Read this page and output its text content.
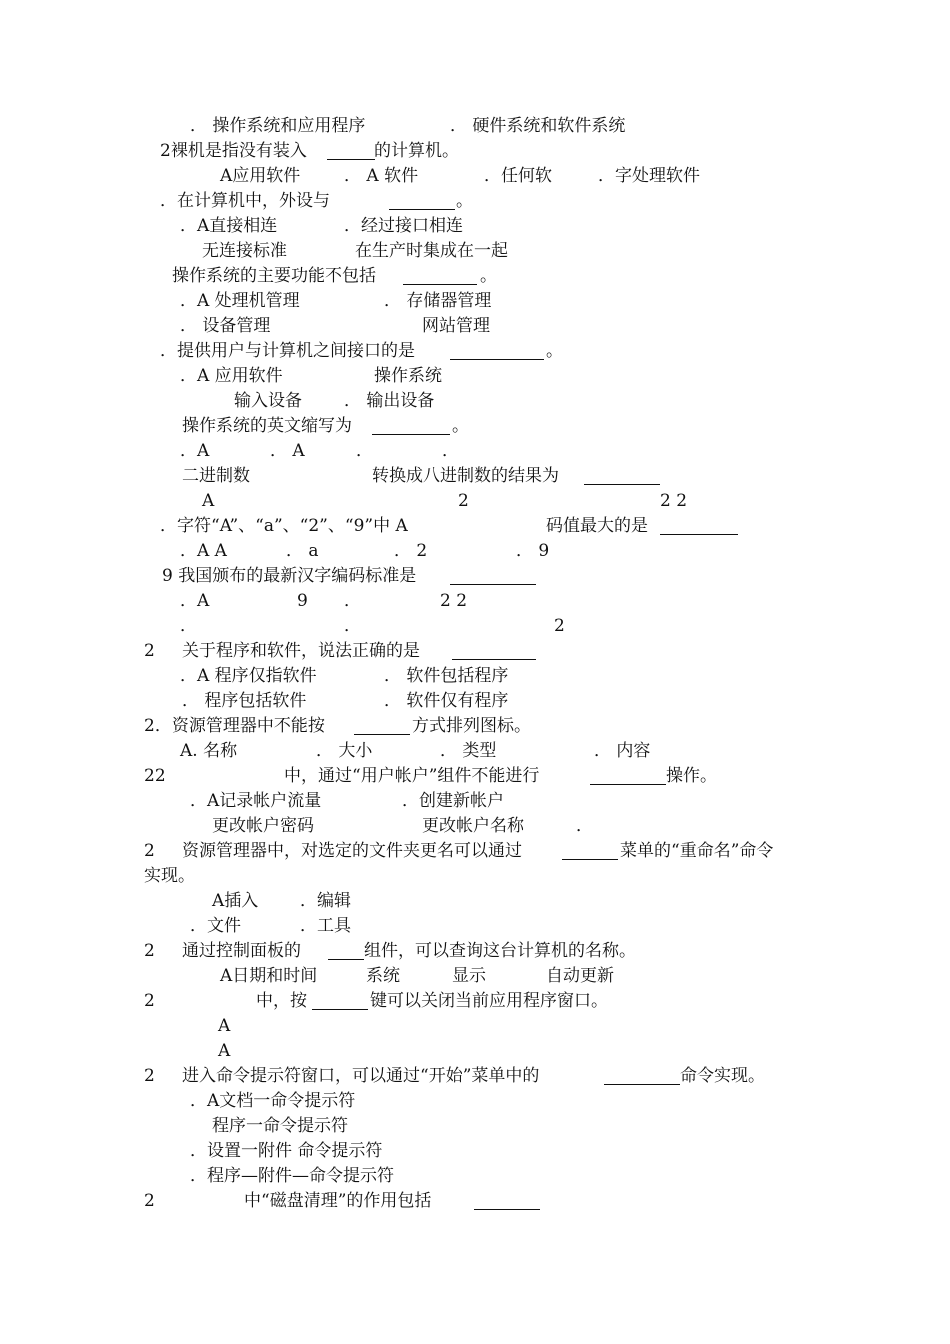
． 操作系统和应用程序	． 硬件系统和软件系统
2裸机是指没有装入	的计算机。
A应用软件	． A 软件	．任何软	．字处理软件
．在计算机中，外设与	。
．A直接相连	．经过接口相连
无连接标准	在生产时集成在一起
操作系统的主要功能不包括	。
．A 处理机管理	． 存储器管理
． 设备管理	网站管理
．提供用户与计算机之间接口的是	。
．A 应用软件	操作系统
输入设备 ． 输出设备
操作系统的英文缩写为	。
．A	． A	．	．
二进制数	转换成八进制数的结果为
A	2	2 2
．字符“A”、“a”、“2”、“9”中 A	码值最大的是
．A A	． a	． 2	． 9
9 我国颁布的最新汉字编码标准是
．A	9 ．	2 2
．	．	2
2 关于程序和软件，说法正确的是
．A 程序仅指软件	． 软件包括程序
． 程序包括软件	． 软件仅有程序
2．资源管理器中不能按	方式排列图标。
A. 名称	． 大小	． 类型	． 内容
22	中，通过“用户帐户”组件不能进行	操作。
．A记录帐户流量	．创建新帐户
更改帐户密码	更改帐户名称	．
2 资源管理器中，对选定的文件夹更名可以通过	菜单的“重命名”命令
实现。
A插入 ．编辑
．文件	．工具
2 通过控制面板的	组件，可以查询这台计算机的名称。
A日期和时间	系统	显示	自动更新
2	中，按	键可以关闭当前应用程序窗口。
A
A
2 进入命令提示符窗口，可以通过“开始”菜单中的	命令实现。
．A文档一命令提示符
程序一命令提示符
．设置一附件 命令提示符
．程序—附件—命令提示符
2	中“磁盘清理”的作用包括
